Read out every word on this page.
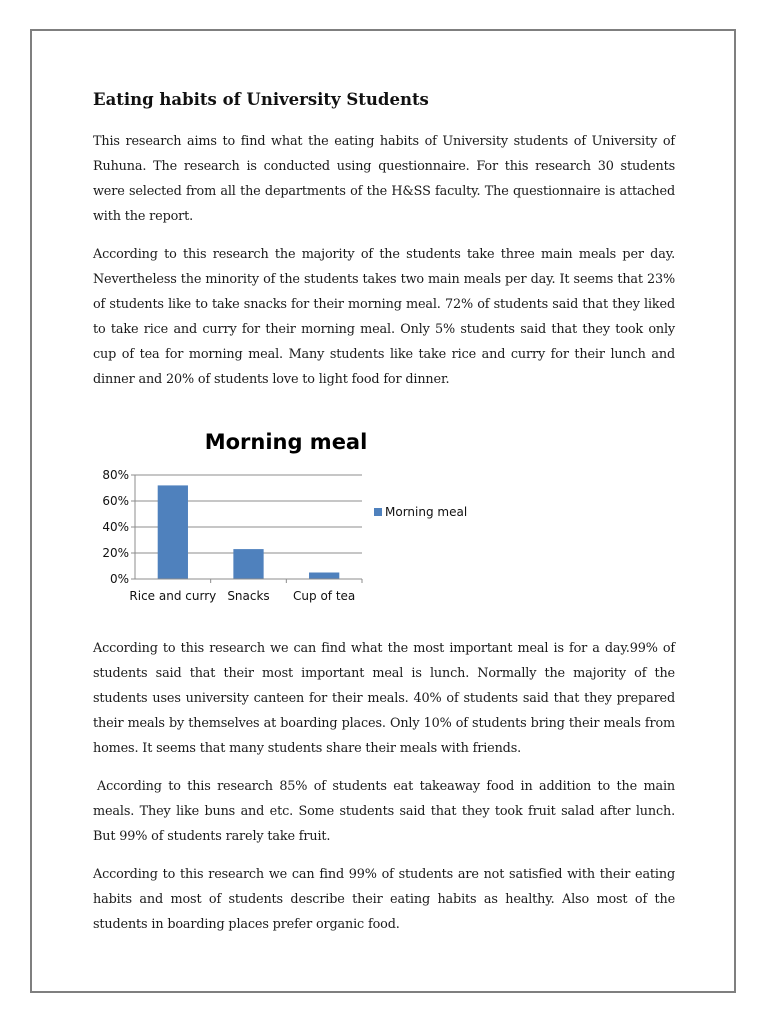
Eating habits of University Students

This research aims to find what the eating habits of University students of University of Ruhuna. The research is conducted using questionnaire. For this research 30 students were selected from all the departments of the H&SS faculty. The questionnaire is attached with the report.

According to this research the majority of the students take three main meals per day. Nevertheless the minority of the students takes two main meals per day. It seems that 23% of students like to take snacks for their morning meal. 72% of students said that they liked to take rice and curry for their morning meal. Only 5% students said that they took only cup of tea for morning meal. Many students like take rice and curry for their lunch and dinner and 20% of students love to light food for dinner.

Morning meal
0%
20%
40%
60%
80%
Rice and curry Snacks Cup of tea
Morning meal

According to this research we can find what the most important meal is for a day.99% of students said that their most important meal is lunch. Normally the majority of the students uses university canteen for their meals. 40% of students said that they prepared their meals by themselves at boarding places. Only 10% of students bring their meals from homes. It seems that many students share their meals with friends.

According to this research 85% of students eat takeaway food in addition to the main meals. They like buns and etc. Some students said that they took fruit salad after lunch. But 99% of students rarely take fruit.

According to this research we can find 99% of students are not satisfied with their eating habits and most of students describe their eating habits as healthy. Also most of the students in boarding places prefer organic food.
